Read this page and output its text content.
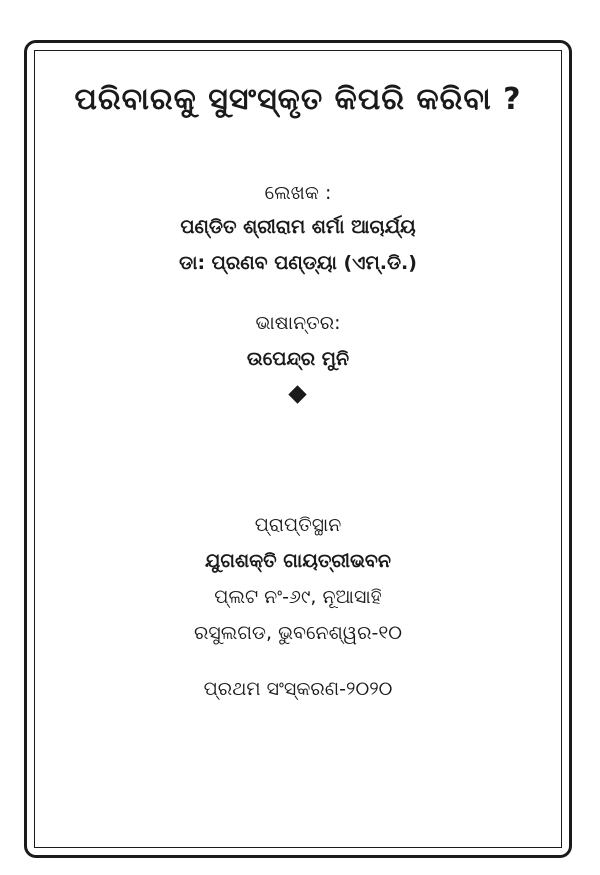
ପରିବାରକୁ ସୁସଂସ୍କୃତ କିପରି କରିବା ?

ଲେଖକ :

ପଣ୍ଡିତ ଶ୍ରୀରାମ ଶର୍ମା ଆଚାର୍ଯ୍ୟ

ଡା: ପ୍ରଣବ ପଣ୍ଡ୍ୟା (ଏମ୍.ଡି.)

ଭାଷାନ୍ତର:

ଉପେନ୍ଦ୍ର ମୁନି

ପ୍ରାପ୍ତିସ୍ଥାନ

ଯୁଗଶକ୍ତି ଗାୟତ୍ରୀଭବନ

ପ୍ଲଟ ନଂ-୬୯, ନୂଆସାହି

ରସୁଲଗଡ, ଭୁବନେଶ୍ୱର-୧୦

ପ୍ରଥମ ସଂସ୍କରଣ-୨୦୨୦
